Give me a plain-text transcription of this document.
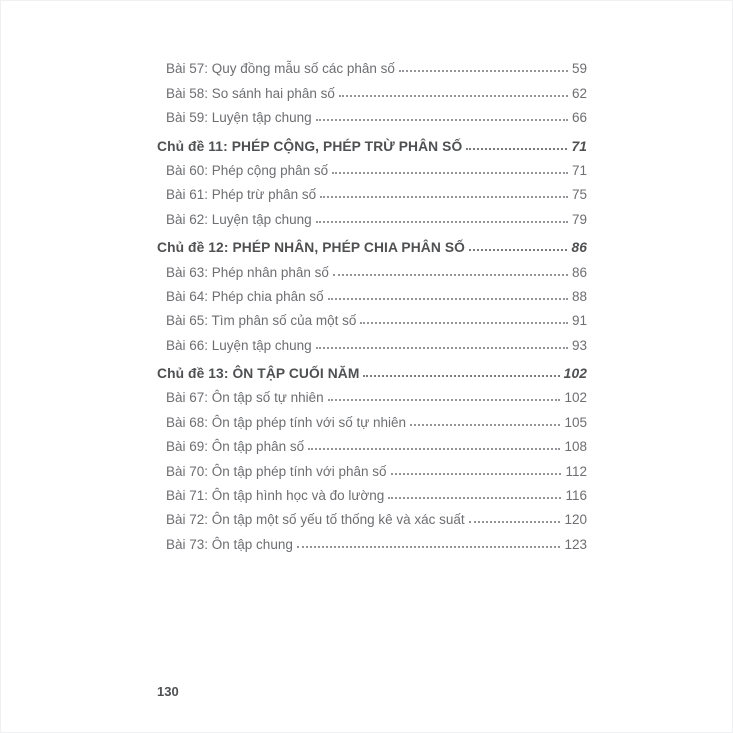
Bài 57: Quy đồng mẫu số các phân số	59
Bài 58: So sánh hai phân số	62
Bài 59: Luyện tập chung	66
Chủ đề 11: PHÉP CỘNG, PHÉP TRỪ PHÂN SỐ	71
Bài 60: Phép cộng phân số	71
Bài 61: Phép trừ phân số	75
Bài 62: Luyện tập chung	79
Chủ đề 12: PHÉP NHÂN, PHÉP CHIA PHÂN SỐ	86
Bài 63: Phép nhân phân số	86
Bài 64: Phép chia phân số	88
Bài 65: Tìm phân số của một số	91
Bài 66: Luyện tập chung	93
Chủ đề 13: ÔN TẬP CUỐI NĂM	102
Bài 67: Ôn tập số tự nhiên	102
Bài 68: Ôn tập phép tính với số tự nhiên	105
Bài 69: Ôn tập phân số	108
Bài 70: Ôn tập phép tính với phân số	112
Bài 71: Ôn tập hình học và đo lường	116
Bài 72: Ôn tập một số yếu tố thống kê và xác suất	120
Bài 73: Ôn tập chung	123
130
